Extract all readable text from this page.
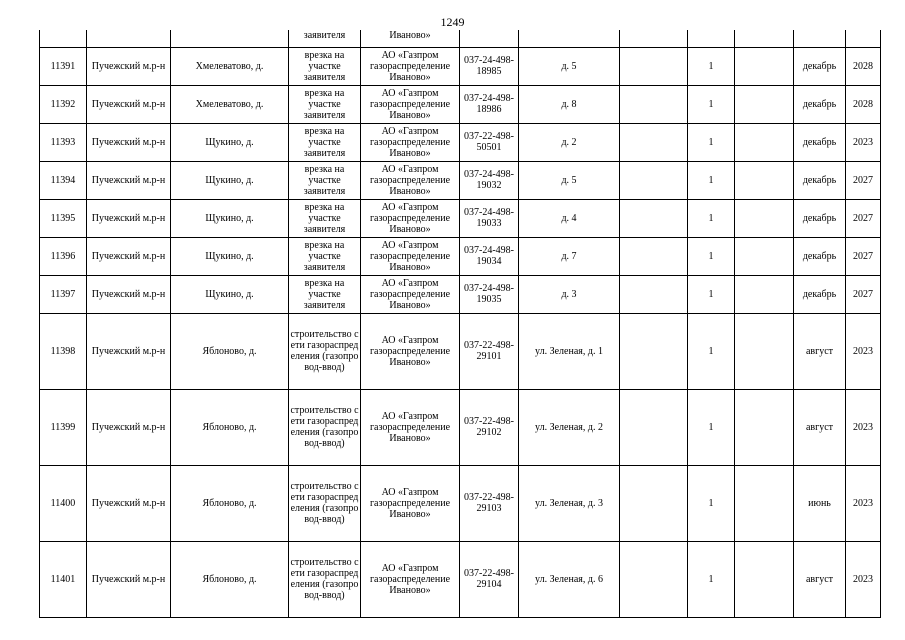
1249
			заявителя	Иваново»							
11391	Пучежский м.р-н	Хмелеватово, д.	врезка на участке заявителя	АО «Газпром газораспределение Иваново»	037-24-498-18985	д. 5		1		декабрь	2028
11392	Пучежский м.р-н	Хмелеватово, д.	врезка на участке заявителя	АО «Газпром газораспределение Иваново»	037-24-498-18986	д. 8		1		декабрь	2028
11393	Пучежский м.р-н	Щукино, д.	врезка на участке заявителя	АО «Газпром газораспределение Иваново»	037-22-498-50501	д. 2		1		декабрь	2023
11394	Пучежский м.р-н	Щукино, д.	врезка на участке заявителя	АО «Газпром газораспределение Иваново»	037-24-498-19032	д. 5		1		декабрь	2027
11395	Пучежский м.р-н	Щукино, д.	врезка на участке заявителя	АО «Газпром газораспределение Иваново»	037-24-498-19033	д. 4		1		декабрь	2027
11396	Пучежский м.р-н	Щукино, д.	врезка на участке заявителя	АО «Газпром газораспределение Иваново»	037-24-498-19034	д. 7		1		декабрь	2027
11397	Пучежский м.р-н	Щукино, д.	врезка на участке заявителя	АО «Газпром газораспределение Иваново»	037-24-498-19035	д. 3		1		декабрь	2027
11398	Пучежский м.р-н	Яблоново, д.	строительство сети газораспределения (газопровод-ввод)	АО «Газпром газораспределение Иваново»	037-22-498-29101	ул. Зеленая, д. 1		1		август	2023
11399	Пучежский м.р-н	Яблоново, д.	строительство сети газораспределения (газопровод-ввод)	АО «Газпром газораспределение Иваново»	037-22-498-29102	ул. Зеленая, д. 2		1		август	2023
11400	Пучежский м.р-н	Яблоново, д.	строительство сети газораспределения (газопровод-ввод)	АО «Газпром газораспределение Иваново»	037-22-498-29103	ул. Зеленая, д. 3		1		июнь	2023
11401	Пучежский м.р-н	Яблоново, д.	строительство сети газораспределения (газопровод-ввод)	АО «Газпром газораспределение Иваново»	037-22-498-29104	ул. Зеленая, д. 6		1		август	2023
